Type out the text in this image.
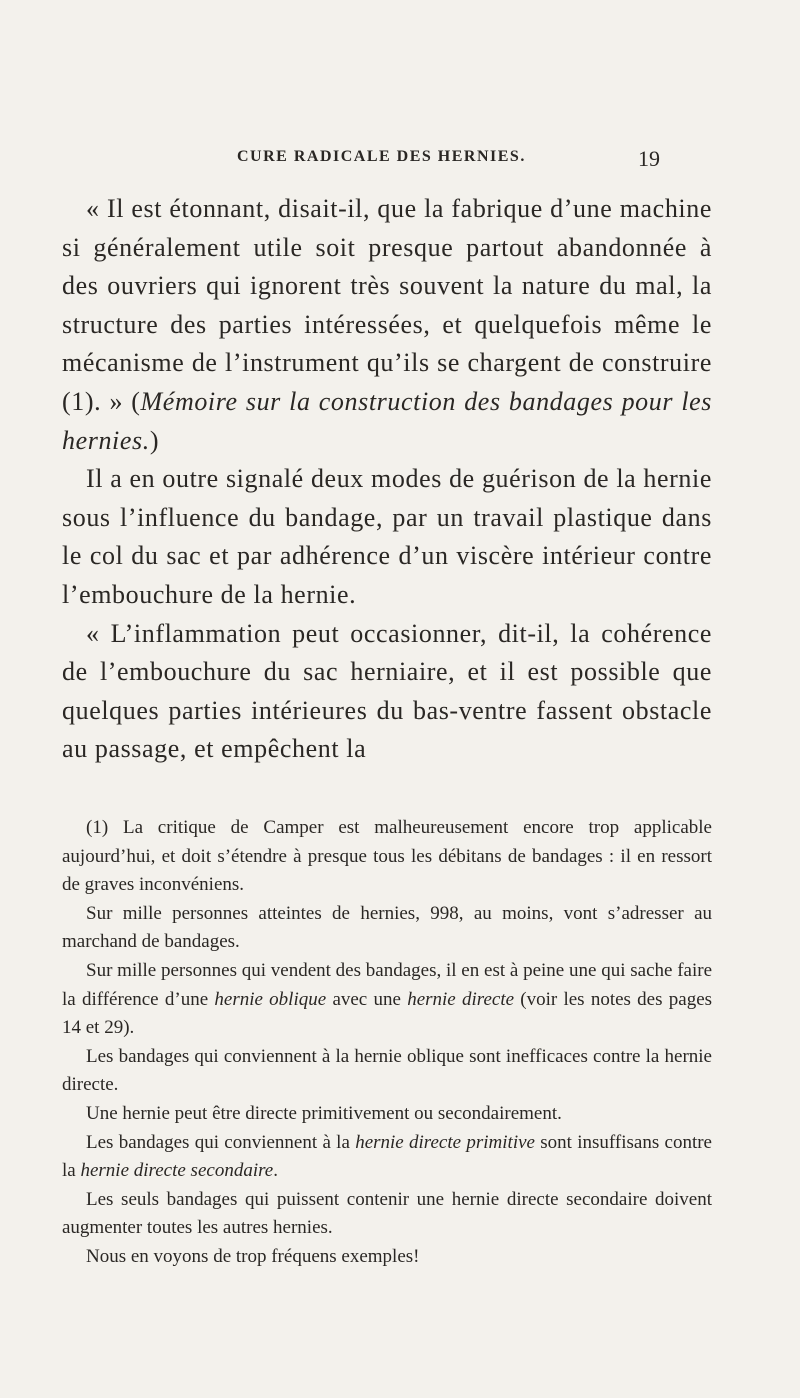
CURE RADICALE DES HERNIES.	19

« Il est étonnant, disait-il, que la fabrique d’une machine si généralement utile soit presque partout abandonnée à des ouvriers qui ignorent très souvent la nature du mal, la structure des parties intéressées, et quelquefois même le mécanisme de l’instrument qu’ils se chargent de construire (1). » (Mémoire sur la construction des bandages pour les hernies.)

Il a en outre signalé deux modes de guérison de la hernie sous l’influence du bandage, par un travail plastique dans le col du sac et par adhérence d’un viscère intérieur contre l’embouchure de la hernie.

« L’inflammation peut occasionner, dit-il, la cohérence de l’embouchure du sac herniaire, et il est possible que quelques parties intérieures du bas-ventre fassent obstacle au passage, et empêchent la

(1) La critique de Camper est malheureusement encore trop applicable aujourd’hui, et doit s’étendre à presque tous les débitans de bandages : il en ressort de graves inconvéniens.

Sur mille personnes atteintes de hernies, 998, au moins, vont s’adresser au marchand de bandages.

Sur mille personnes qui vendent des bandages, il en est à peine une qui sache faire la différence d’une hernie oblique avec une hernie directe (voir les notes des pages 14 et 29).

Les bandages qui conviennent à la hernie oblique sont inefficaces contre la hernie directe.

Une hernie peut être directe primitivement ou secondairement.

Les bandages qui conviennent à la hernie directe primitive sont insuffisans contre la hernie directe secondaire.

Les seuls bandages qui puissent contenir une hernie directe secondaire doivent augmenter toutes les autres hernies.

Nous en voyons de trop fréquens exemples!
